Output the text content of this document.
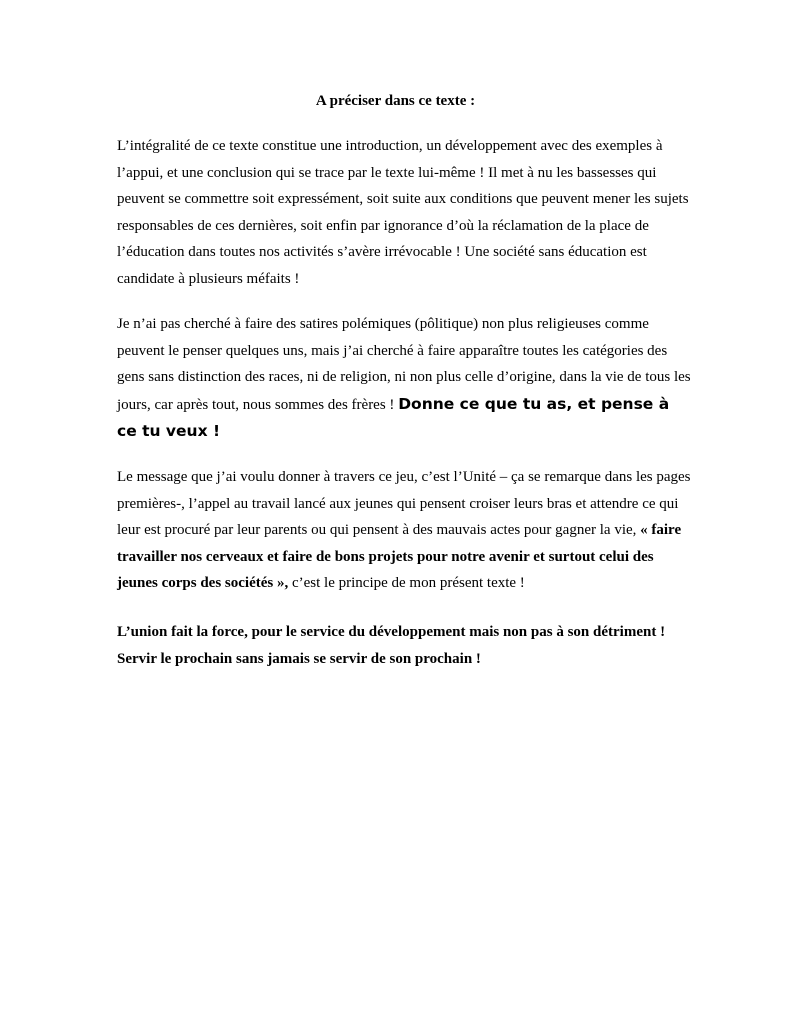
A préciser dans ce texte :

L’intégralité de ce texte constitue une introduction, un développement avec des exemples à l’appui, et une conclusion qui se trace par le texte lui-même ! Il met à nu les bassesses qui peuvent se commettre soit expressément, soit suite aux conditions que peuvent mener les sujets responsables de ces dernières, soit enfin par ignorance d’où la réclamation de la place de l’éducation dans toutes nos activités s’avère irrévocable ! Une société sans éducation est candidate à plusieurs méfaits !

Je n’ai pas cherché à faire des satires polémiques (pôlitique) non plus religieuses comme peuvent le penser quelques uns, mais j’ai cherché à faire apparaître toutes les catégories des gens sans distinction des races, ni de religion, ni non plus celle d’origine, dans la vie de tous les jours, car après tout, nous sommes des frères ! Donne ce que tu as, et pense à ce tu veux !

Le message que j’ai voulu donner à travers ce jeu, c’est l’Unité – ça se remarque dans les pages premières-, l’appel au travail lancé aux jeunes qui pensent croiser leurs bras et attendre ce qui leur est procuré par leur parents ou qui pensent à des mauvais actes pour gagner la vie, « faire travailler nos cerveaux et faire de bons projets pour notre avenir et surtout celui des jeunes corps des sociétés », c’est le principe de mon présent texte !

L’union fait la force, pour le service du développement mais non pas à son détriment ! Servir le prochain sans jamais se servir de son prochain !
